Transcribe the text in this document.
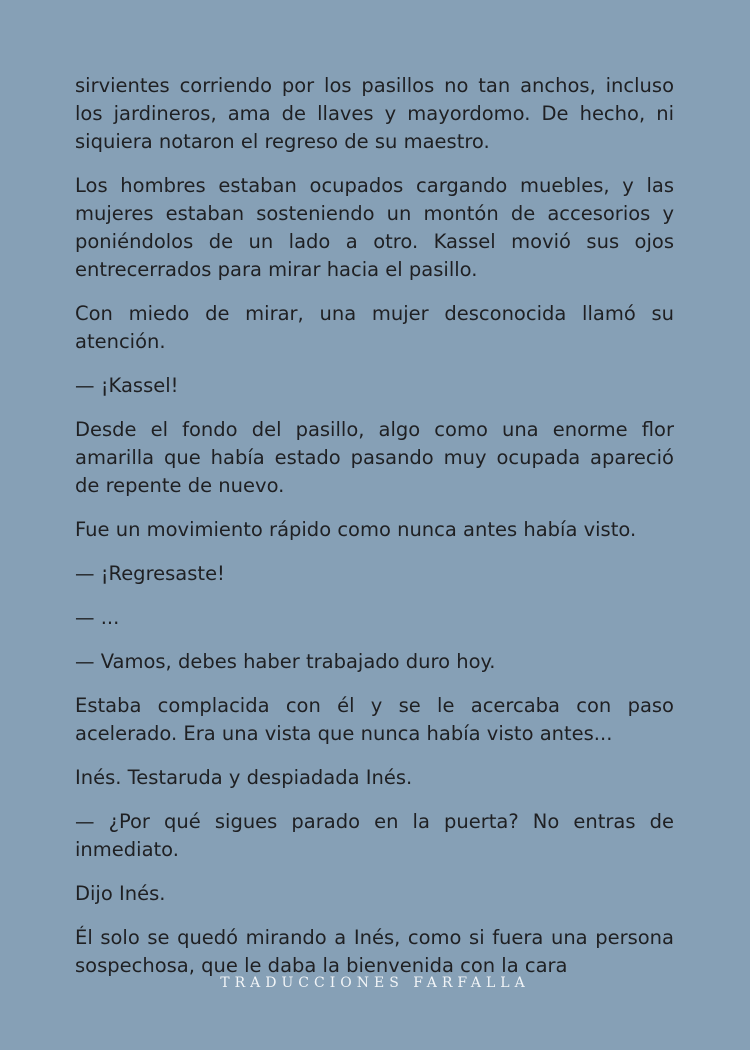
sirvientes corriendo por los pasillos no tan anchos, incluso los jardineros, ama de llaves y mayordomo. De hecho, ni siquiera notaron el regreso de su maestro.

Los hombres estaban ocupados cargando muebles, y las mujeres estaban sosteniendo un montón de accesorios y poniéndolos de un lado a otro. Kassel movió sus ojos entrecerrados para mirar hacia el pasillo.

Con miedo de mirar, una mujer desconocida llamó su atención.

— ¡Kassel!

Desde el fondo del pasillo, algo como una enorme flor amarilla que había estado pasando muy ocupada apareció de repente de nuevo.

Fue un movimiento rápido como nunca antes había visto.

— ¡Regresaste!

— ...

— Vamos, debes haber trabajado duro hoy.

Estaba complacida con él y se le acercaba con paso acelerado. Era una vista que nunca había visto antes...

Inés. Testaruda y despiadada Inés.

— ¿Por qué sigues parado en la puerta? No entras de inmediato.

Dijo Inés.

Él solo se quedó mirando a Inés, como si fuera una persona sospechosa, que le daba la bienvenida con la cara

TRADUCCIONES FARFALLA
